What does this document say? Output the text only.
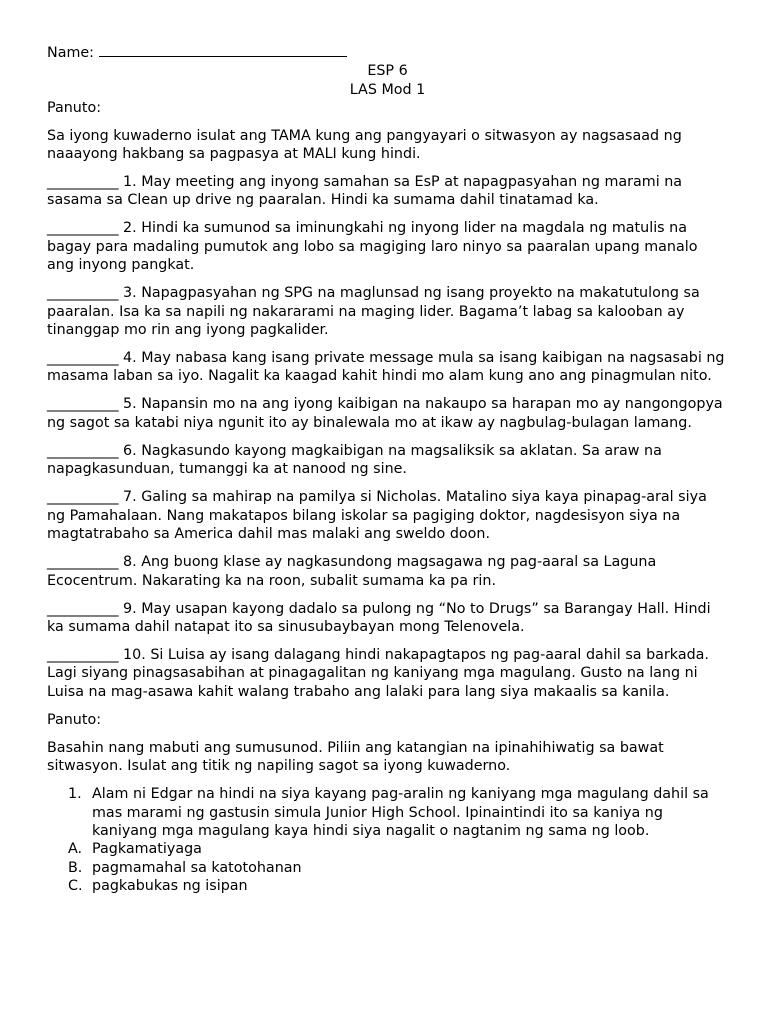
Name:
ESP 6
LAS Mod 1
Panuto:
Sa iyong kuwaderno isulat ang TAMA kung ang pangyayari o sitwasyon ay nagsasaad ng naaayong hakbang sa pagpasya at MALI kung hindi.
__________ 1. May meeting ang inyong samahan sa EsP at napagpasyahan ng marami na sasama sa Clean up drive ng paaralan. Hindi ka sumama dahil tinatamad ka.
__________ 2. Hindi ka sumunod sa iminungkahi ng inyong lider na magdala ng matulis na bagay para madaling pumutok ang lobo sa magiging laro ninyo sa paaralan upang manalo ang inyong pangkat.
__________ 3. Napagpasyahan ng SPG na maglunsad ng isang proyekto na makatutulong sa paaralan. Isa ka sa napili ng nakararami na maging lider. Bagama’t labag sa kalooban ay tinanggap mo rin ang iyong pagkalider.
__________ 4. May nabasa kang isang private message mula sa isang kaibigan na nagsasabi ng masama laban sa iyo. Nagalit ka kaagad kahit hindi mo alam kung ano ang pinagmulan nito.
__________ 5. Napansin mo na ang iyong kaibigan na nakaupo sa harapan mo ay nangongopya ng sagot sa katabi niya ngunit ito ay binalewala mo at ikaw ay nagbulag-bulagan lamang.
__________ 6. Nagkasundo kayong magkaibigan na magsaliksik sa aklatan. Sa araw na napagkasunduan, tumanggi ka at nanood ng sine.
__________ 7. Galing sa mahirap na pamilya si Nicholas. Matalino siya kaya pinapag-aral siya ng Pamahalaan. Nang makatapos bilang iskolar sa pagiging doktor, nagdesisyon siya na magtatrabaho sa America dahil mas malaki ang sweldo doon.
__________ 8. Ang buong klase ay nagkasundong magsagawa ng pag-aaral sa Laguna Ecocentrum. Nakarating ka na roon, subalit sumama ka pa rin.
__________ 9. May usapan kayong dadalo sa pulong ng “No to Drugs” sa Barangay Hall. Hindi ka sumama dahil natapat ito sa sinusubaybayan mong Telenovela.
__________ 10. Si Luisa ay isang dalagang hindi nakapagtapos ng pag-aaral dahil sa barkada. Lagi siyang pinagsasabihan at pinagagalitan ng kaniyang mga magulang. Gusto na lang ni Luisa na mag-asawa kahit walang trabaho ang lalaki para lang siya makaalis sa kanila.
Panuto:
Basahin nang mabuti ang sumusunod. Piliin ang katangian na ipinahihiwatig sa bawat sitwasyon. Isulat ang titik ng napiling sagot sa iyong kuwaderno.
1. Alam ni Edgar na hindi na siya kayang pag-aralin ng kaniyang mga magulang dahil sa mas marami ng gastusin simula Junior High School. Ipinaintindi ito sa kaniya ng kaniyang mga magulang kaya hindi siya nagalit o nagtanim ng sama ng loob.
A. Pagkamatiyaga
B. pagmamahal sa katotohanan
C. pagkabukas ng isipan
